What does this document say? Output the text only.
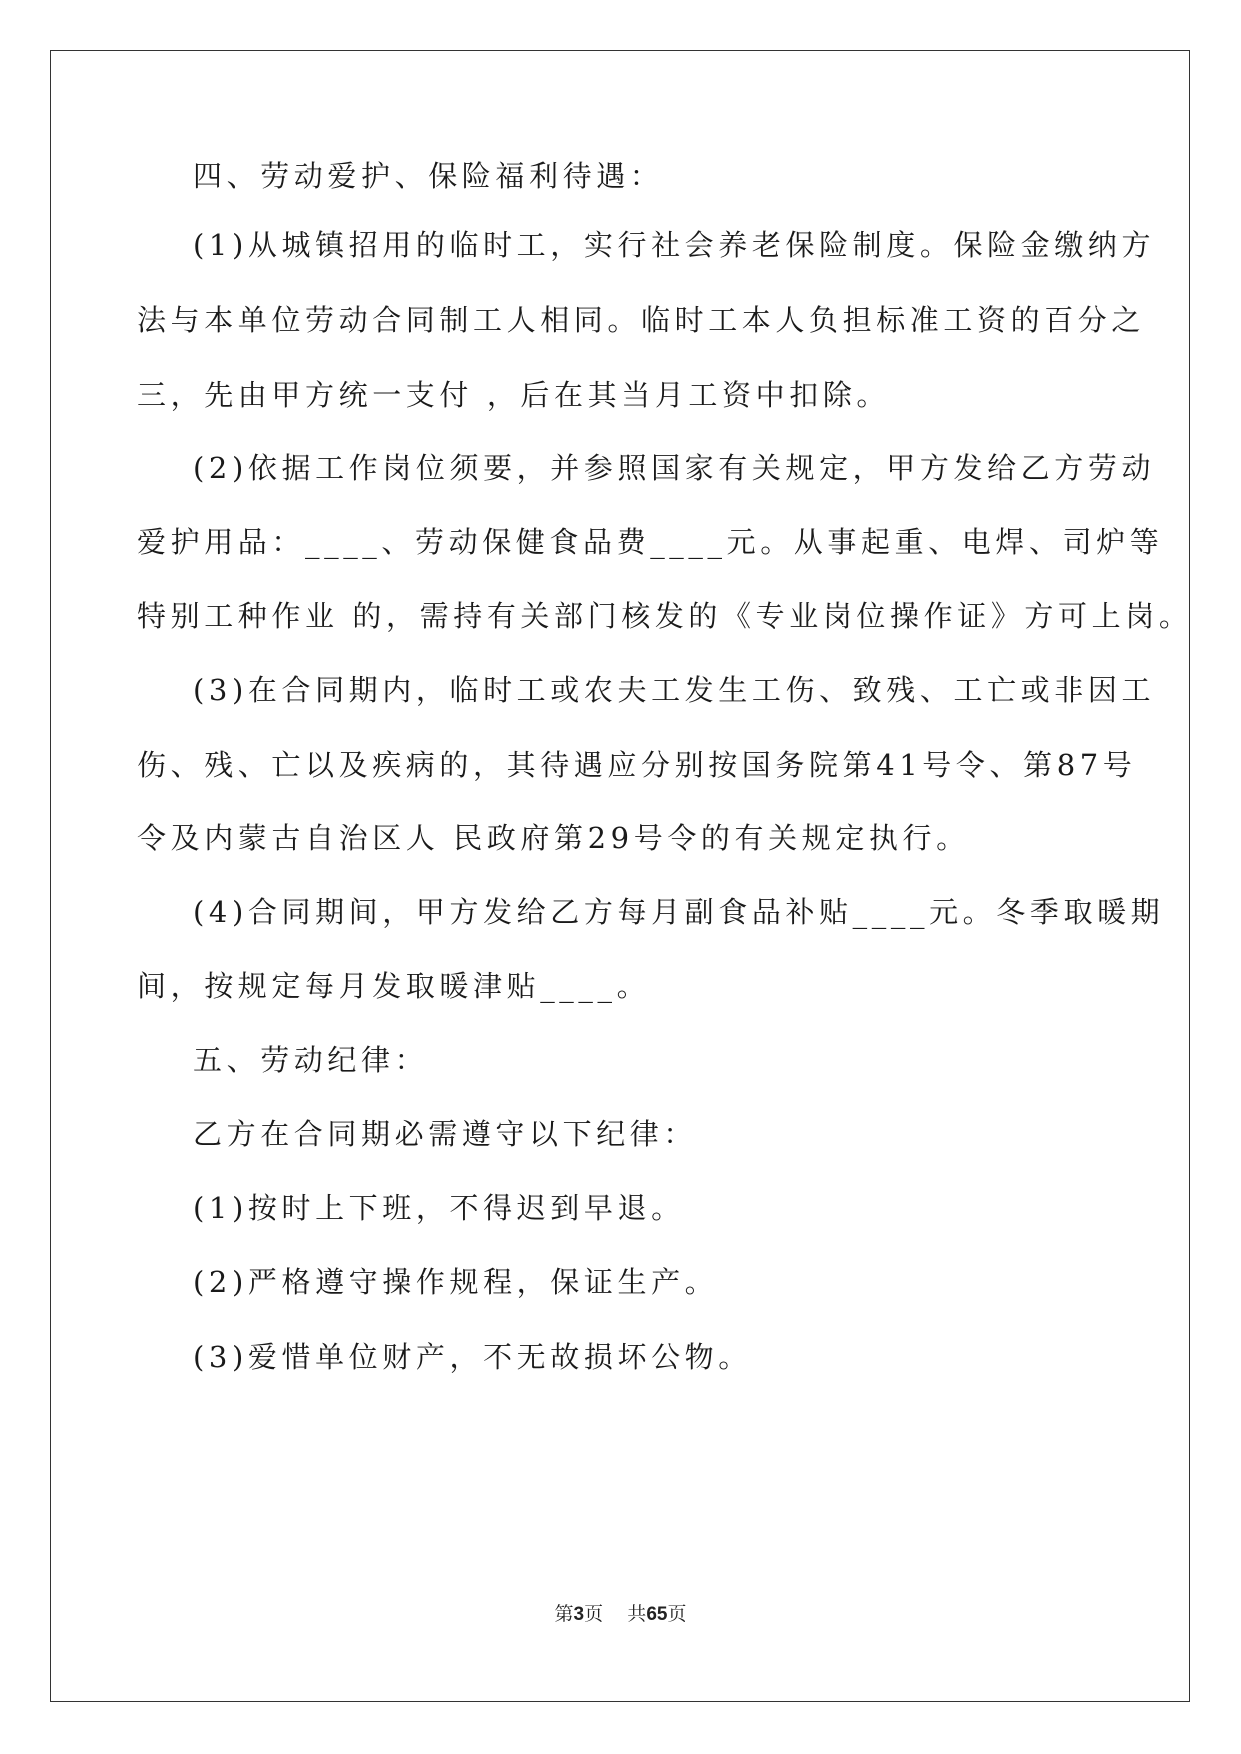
四、劳动爱护、保险福利待遇：
(1)从城镇招用的临时工，实行社会养老保险制度。保险金缴纳方
法与本单位劳动合同制工人相同。临时工本人负担标准工资的百分之
三，先由甲方统一支付 ，后在其当月工资中扣除。
(2)依据工作岗位须要，并参照国家有关规定，甲方发给乙方劳动
爱护用品：____、劳动保健食品费____元。从事起重、电焊、司炉等
特别工种作业 的，需持有关部门核发的《专业岗位操作证》方可上岗。
(3)在合同期内，临时工或农夫工发生工伤、致残、工亡或非因工
伤、残、亡以及疾病的，其待遇应分别按国务院第41号令、第87号
令及内蒙古自治区人 民政府第29号令的有关规定执行。
(4)合同期间，甲方发给乙方每月副食品补贴____元。冬季取暖期
间，按规定每月发取暖津贴____。
五、劳动纪律：
乙方在合同期必需遵守以下纪律：
(1)按时上下班，不得迟到早退。
(2)严格遵守操作规程，保证生产。
(3)爱惜单位财产，不无故损坏公物。
第3页 共65页
